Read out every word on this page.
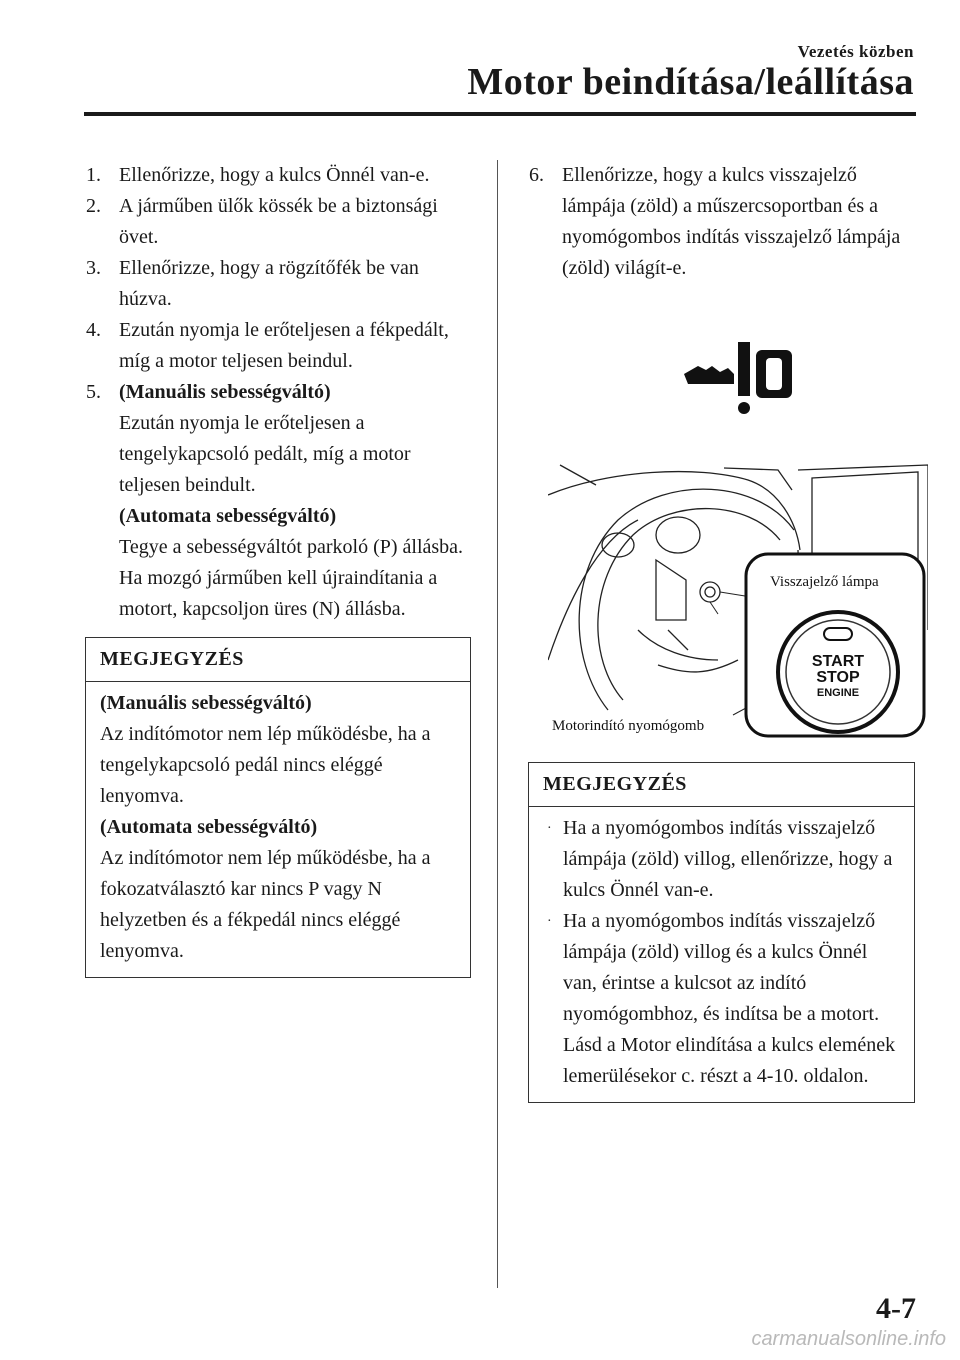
Vezetés közben
Motor beindítása/leállítása
1. Ellenőrizze, hogy a kulcs Önnél van-e.
2. A járműben ülők kössék be a biztonsági övet.
3. Ellenőrizze, hogy a rögzítőfék be van húzva.
4. Ezután nyomja le erőteljesen a fékpedált, míg a motor teljesen beindul.
5. (Manuális sebességváltó)
Ezután nyomja le erőteljesen a tengelykapcsoló pedált, míg a motor teljesen beindult.
(Automata sebességváltó)
Tegye a sebességváltót parkoló (P) állásba. Ha mozgó járműben kell újraindítania a motort, kapcsoljon üres (N) állásba.
MEGJEGYZÉS
(Manuális sebességváltó)
Az indítómotor nem lép működésbe, ha a tengelykapcsoló pedál nincs eléggé lenyomva.
(Automata sebességváltó)
Az indítómotor nem lép működésbe, ha a fokozatválasztó kar nincs P vagy N helyzetben és a fékpedál nincs eléggé lenyomva.
6. Ellenőrizze, hogy a kulcs visszajelző lámpája (zöld) a műszercsoportban és a nyomógombos indítás visszajelző lámpája (zöld) világít-e.
START
STOP
ENGINE
Visszajelző lámpa
Motorindító nyomógomb
MEGJEGYZÉS
· Ha a nyomógombos indítás visszajelző lámpája (zöld) villog, ellenőrizze, hogy a kulcs Önnél van-e.
· Ha a nyomógombos indítás visszajelző lámpája (zöld) villog és a kulcs Önnél van, érintse a kulcsot az indító nyomógombhoz, és indítsa be a motort. Lásd a Motor elindítása a kulcs elemének lemerülésekor c. részt a 4-10. oldalon.
4-7
carmanualsonline.info
